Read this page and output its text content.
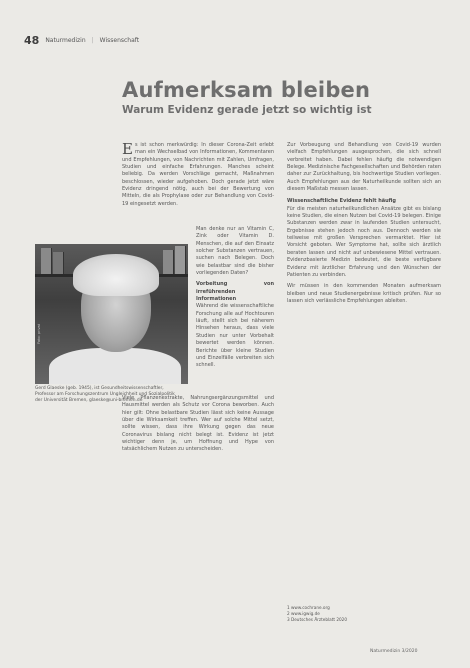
48 Naturmedizin | Wissenschaft
Aufmerksam bleiben
Warum Evidenz gerade jetzt so wichtig ist
E s ist schon merkwürdig: In dieser Corona-Zeit erlebt man ein Wechselbad von Informationen, Kommentaren und Empfehlungen, von Nachrichten mit Zahlen, Umfragen, Studien und einfache Erfahrungen. Manches scheint beliebig. Da werden Vorschläge gemacht, Maßnahmen beschlossen, wieder aufgehoben. Doch gerade jetzt wäre Evidenz dringend nötig, auch bei der Bewertung von Mitteln, die als Prophylaxe oder zur Behandlung von Covid-19 eingesetzt werden.

Foto: privat
Gerd Glaeske (geb. 1945), ist Gesundheitswissenschaftler, Professor am Forschungszentrum Ungleichheit und Sozialpolitik der Universität Bremen, glaeske@uni-bremen.de

Man denke nur an Vitamin C, Zink oder Vitamin D. Menschen, die auf den Einsatz solcher Substanzen vertrauen, suchen nach Belegen. Doch wie belastbar sind die bisher vorliegenden Daten?

Vorbeitung von irreführenden Informationen

Während die wissenschaftliche Forschung alle auf Hochtouren läuft, stellt sich bei näherem Hinsehen heraus, dass viele Studien nur unter Vorbehalt bewertet werden können. Berichte über kleine Studien und Einzelfälle verbreiten sich schnell.

Viele Pflanzenextrakte, Nahrungsergänzungsmittel und Hausmittel werden als Schutz vor Corona beworben. Auch hier gilt: Ohne belastbare Studien lässt sich keine Aussage über die Wirksamkeit treffen. Wer auf solche Mittel setzt, sollte wissen, dass ihre Wirkung gegen das neue Coronavirus bislang nicht belegt ist. Evidenz ist jetzt wichtiger denn je, um Hoffnung und Hype von tatsächlichem Nutzen zu unterscheiden.

Zur Vorbeugung und Behandlung von Covid-19 wurden vielfach Empfehlungen ausgesprochen, die sich schnell verbreitet haben. Dabei fehlen häufig die notwendigen Belege. Medizinische Fachgesellschaften und Behörden raten daher zur Zurückhaltung, bis hochwertige Studien vorliegen. Auch Empfehlungen aus der Naturheilkunde sollten sich an diesem Maßstab messen lassen.

Wissenschaftliche Evidenz fehlt häufig

Für die meisten naturheilkundlichen Ansätze gibt es bislang keine Studien, die einen Nutzen bei Covid-19 belegen. Einige Substanzen werden zwar in laufenden Studien untersucht, Ergebnisse stehen jedoch noch aus. Dennoch werden sie teilweise mit großen Versprechen vermarktet. Hier ist Vorsicht geboten. Wer Symptome hat, sollte sich ärztlich beraten lassen und nicht auf unbewiesene Mittel vertrauen. Evidenzbasierte Medizin bedeutet, die beste verfügbare Evidenz mit ärztlicher Erfahrung und den Wünschen der Patienten zu verbinden.

Wir müssen in den kommenden Monaten aufmerksam bleiben und neue Studienergebnisse kritisch prüfen. Nur so lassen sich verlässliche Empfehlungen ableiten.

1 www.cochrane.org
2 www.igwig.de
3 Deutsches Ärzteblatt 2020
Naturmedizin 3/2020
